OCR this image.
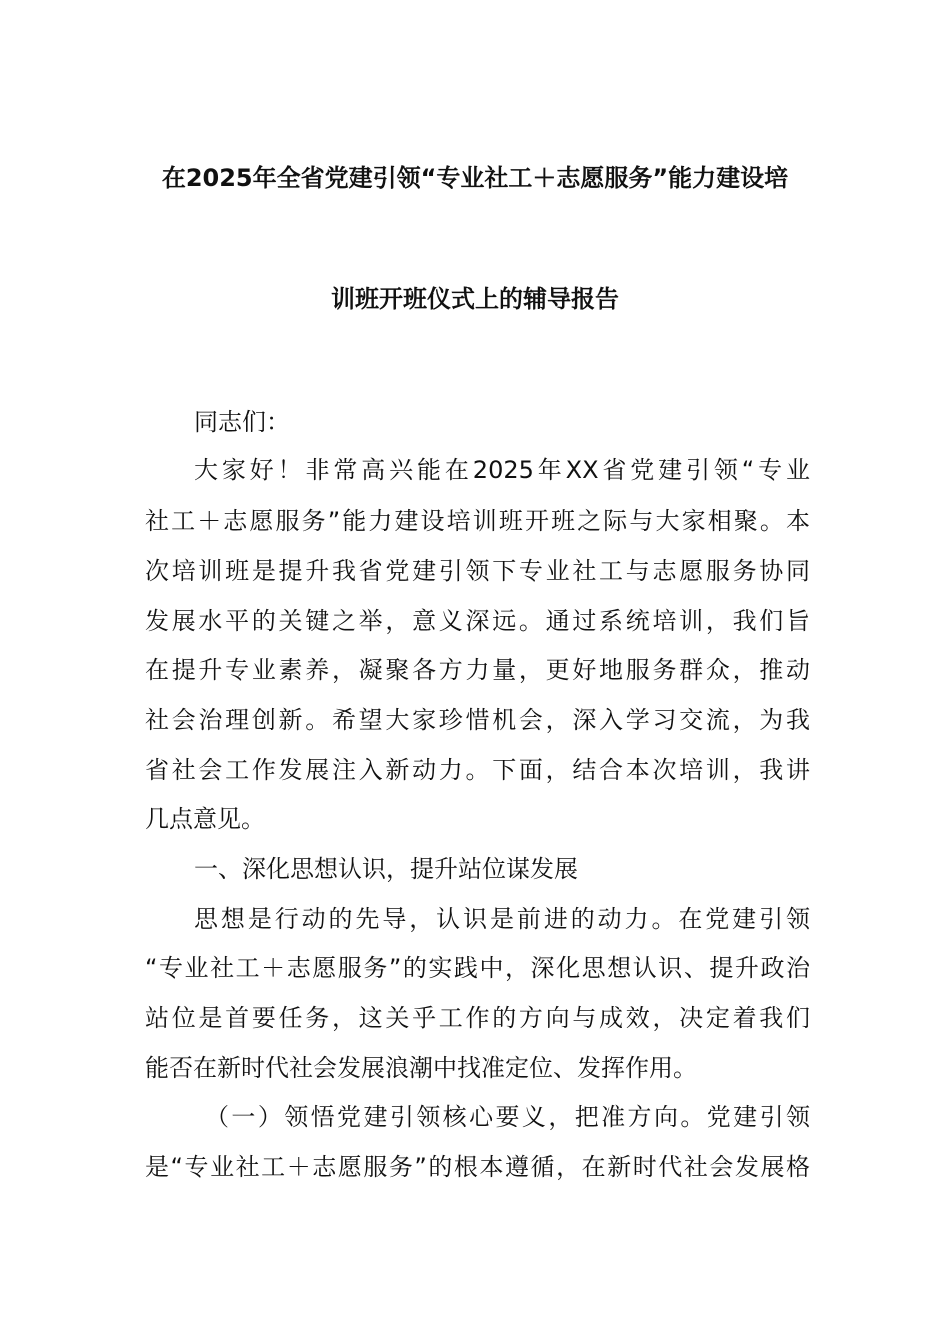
在2025年全省党建引领“专业社工＋志愿服务”能力建设培
训班开班仪式上的辅导报告
同志们：
大家好！非常高兴能在2025年XX省党建引领“专业
社工＋志愿服务”能力建设培训班开班之际与大家相聚。本
次培训班是提升我省党建引领下专业社工与志愿服务协同
发展水平的关键之举，意义深远。通过系统培训，我们旨
在提升专业素养，凝聚各方力量，更好地服务群众，推动
社会治理创新。希望大家珍惜机会，深入学习交流，为我
省社会工作发展注入新动力。下面，结合本次培训，我讲
几点意见。
一、深化思想认识，提升站位谋发展
思想是行动的先导，认识是前进的动力。在党建引领
“专业社工＋志愿服务”的实践中，深化思想认识、提升政治
站位是首要任务，这关乎工作的方向与成效，决定着我们
能否在新时代社会发展浪潮中找准定位、发挥作用。
（一）领悟党建引领核心要义，把准方向。党建引领
是“专业社工＋志愿服务”的根本遵循，在新时代社会发展格
